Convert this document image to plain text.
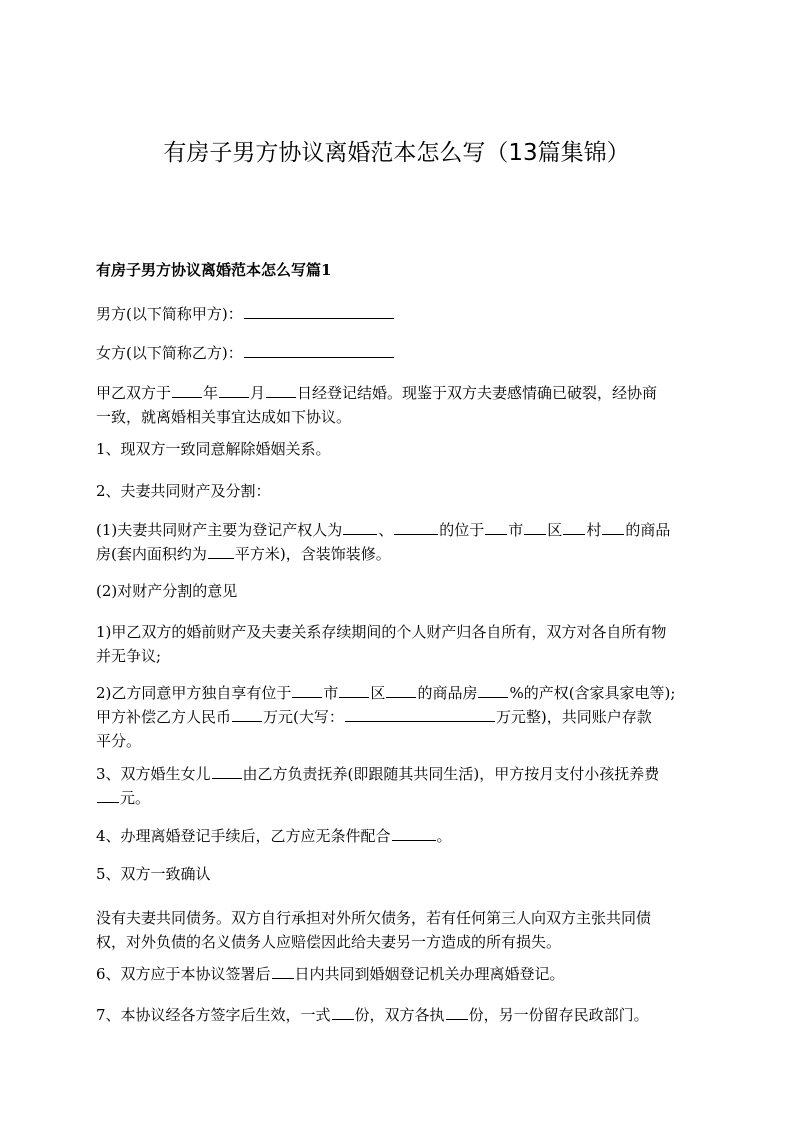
有房子男方协议离婚范本怎么写（13篇集锦）
有房子男方协议离婚范本怎么写篇1

男方(以下简称甲方)：

女方(以下简称乙方)：

甲乙双方于 年 月 日经登记结婚。现鉴于双方夫妻感情确已破裂，经协商
一致，就离婚相关事宜达成如下协议。

1、现双方一致同意解除婚姻关系。

2、夫妻共同财产及分割：

(1)夫妻共同财产主要为登记产权人为 、	的位于 市 区 村 的商品
房(套内面积约为 平方米)，含装饰装修。

(2)对财产分割的意见

1)甲乙双方的婚前财产及夫妻关系存续期间的个人财产归各自所有，双方对各自所有物
并无争议;
2)乙方同意甲方独自享有位于 市 区 的商品房 %的产权(含家具家电等);
甲方补偿乙方人民币 万元(大写：	万元整)，共同账户存款
平分。
3、双方婚生女儿 由乙方负责抚养(即跟随其共同生活)，甲方按月支付小孩抚养费
元。

4、办理离婚登记手续后，乙方应无条件配合	。

5、双方一致确认

没有夫妻共同债务。双方自行承担对外所欠债务，若有任何第三人向双方主张共同债
权，对外负债的名义债务人应赔偿因此给夫妻另一方造成的所有损失。

6、双方应于本协议签署后 日内共同到婚姻登记机关办理离婚登记。

7、本协议经各方签字后生效，一式 份，双方各执 份，另一份留存民政部门。
